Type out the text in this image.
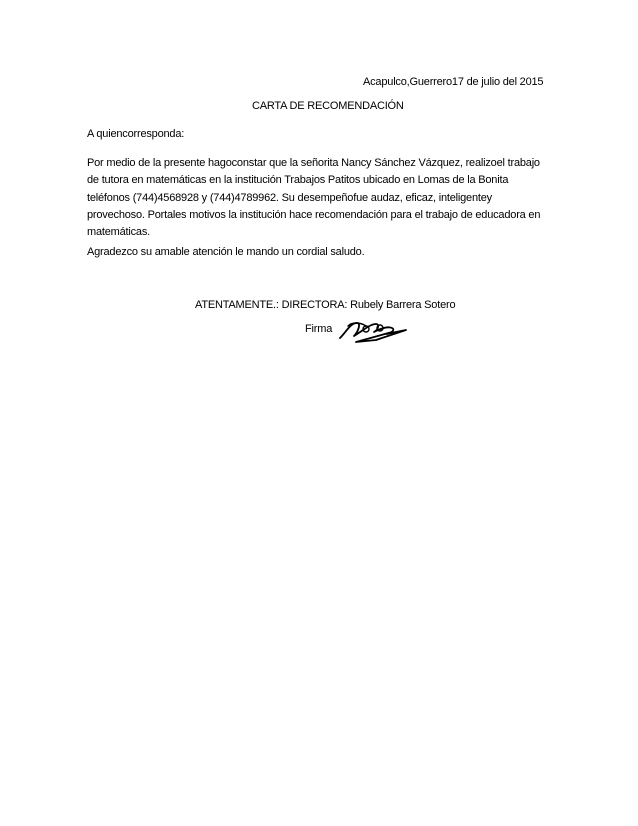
Acapulco,Guerrero17 de julio del 2015
CARTA DE RECOMENDACIÓN
A quiencorresponda:
Por medio de la presente hagoconstar que la señorita Nancy Sánchez Vázquez, realizoel trabajo
de tutora en matemáticas en la institución Trabajos Patitos ubicado en Lomas de la Bonita
teléfonos (744)4568928 y (744)4789962. Su desempeñofue audaz, eficaz, inteligentey
provechoso. Portales motivos la institución hace recomendación para el trabajo de educadora en
matemáticas.
Agradezco su amable atención le mando un cordial saludo.
ATENTAMENTE.: DIRECTORA: Rubely Barrera Sotero
Firma
